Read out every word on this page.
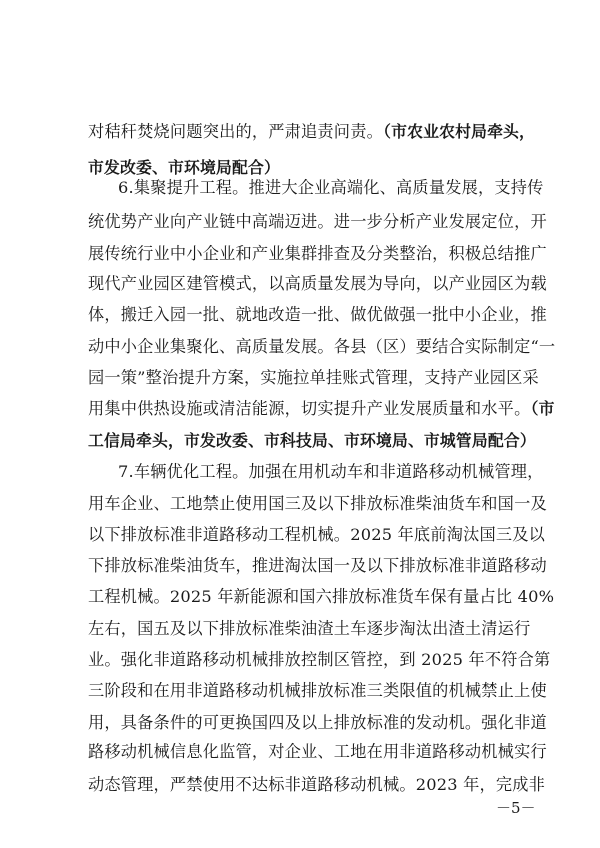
对秸秆焚烧问题突出的，严肃追责问责。（市农业农村局牵头，
市发改委、市环境局配合）
6.集聚提升工程。推进大企业高端化、高质量发展，支持传
统优势产业向产业链中高端迈进。进一步分析产业发展定位，开
展传统行业中小企业和产业集群排查及分类整治，积极总结推广
现代产业园区建管模式，以高质量发展为导向，以产业园区为载
体，搬迁入园一批、就地改造一批、做优做强一批中小企业，推
动中小企业集聚化、高质量发展。各县（区）要结合实际制定“一
园一策”整治提升方案，实施拉单挂账式管理，支持产业园区采
用集中供热设施或清洁能源，切实提升产业发展质量和水平。（市
工信局牵头，市发改委、市科技局、市环境局、市城管局配合）
7.车辆优化工程。加强在用机动车和非道路移动机械管理，
用车企业、工地禁止使用国三及以下排放标准柴油货车和国一及
以下排放标准非道路移动工程机械。2025 年底前淘汰国三及以
下排放标准柴油货车，推进淘汰国一及以下排放标准非道路移动
工程机械。2025 年新能源和国六排放标准货车保有量占比 40%
左右，国五及以下排放标准柴油渣土车逐步淘汰出渣土清运行
业。强化非道路移动机械排放控制区管控，到 2025 年不符合第
三阶段和在用非道路移动机械排放标准三类限值的机械禁止上使
用，具备条件的可更换国四及以上排放标准的发动机。强化非道
路移动机械信息化监管，对企业、工地在用非道路移动机械实行
动态管理，严禁使用不达标非道路移动机械。2023 年，完成非
－5－
